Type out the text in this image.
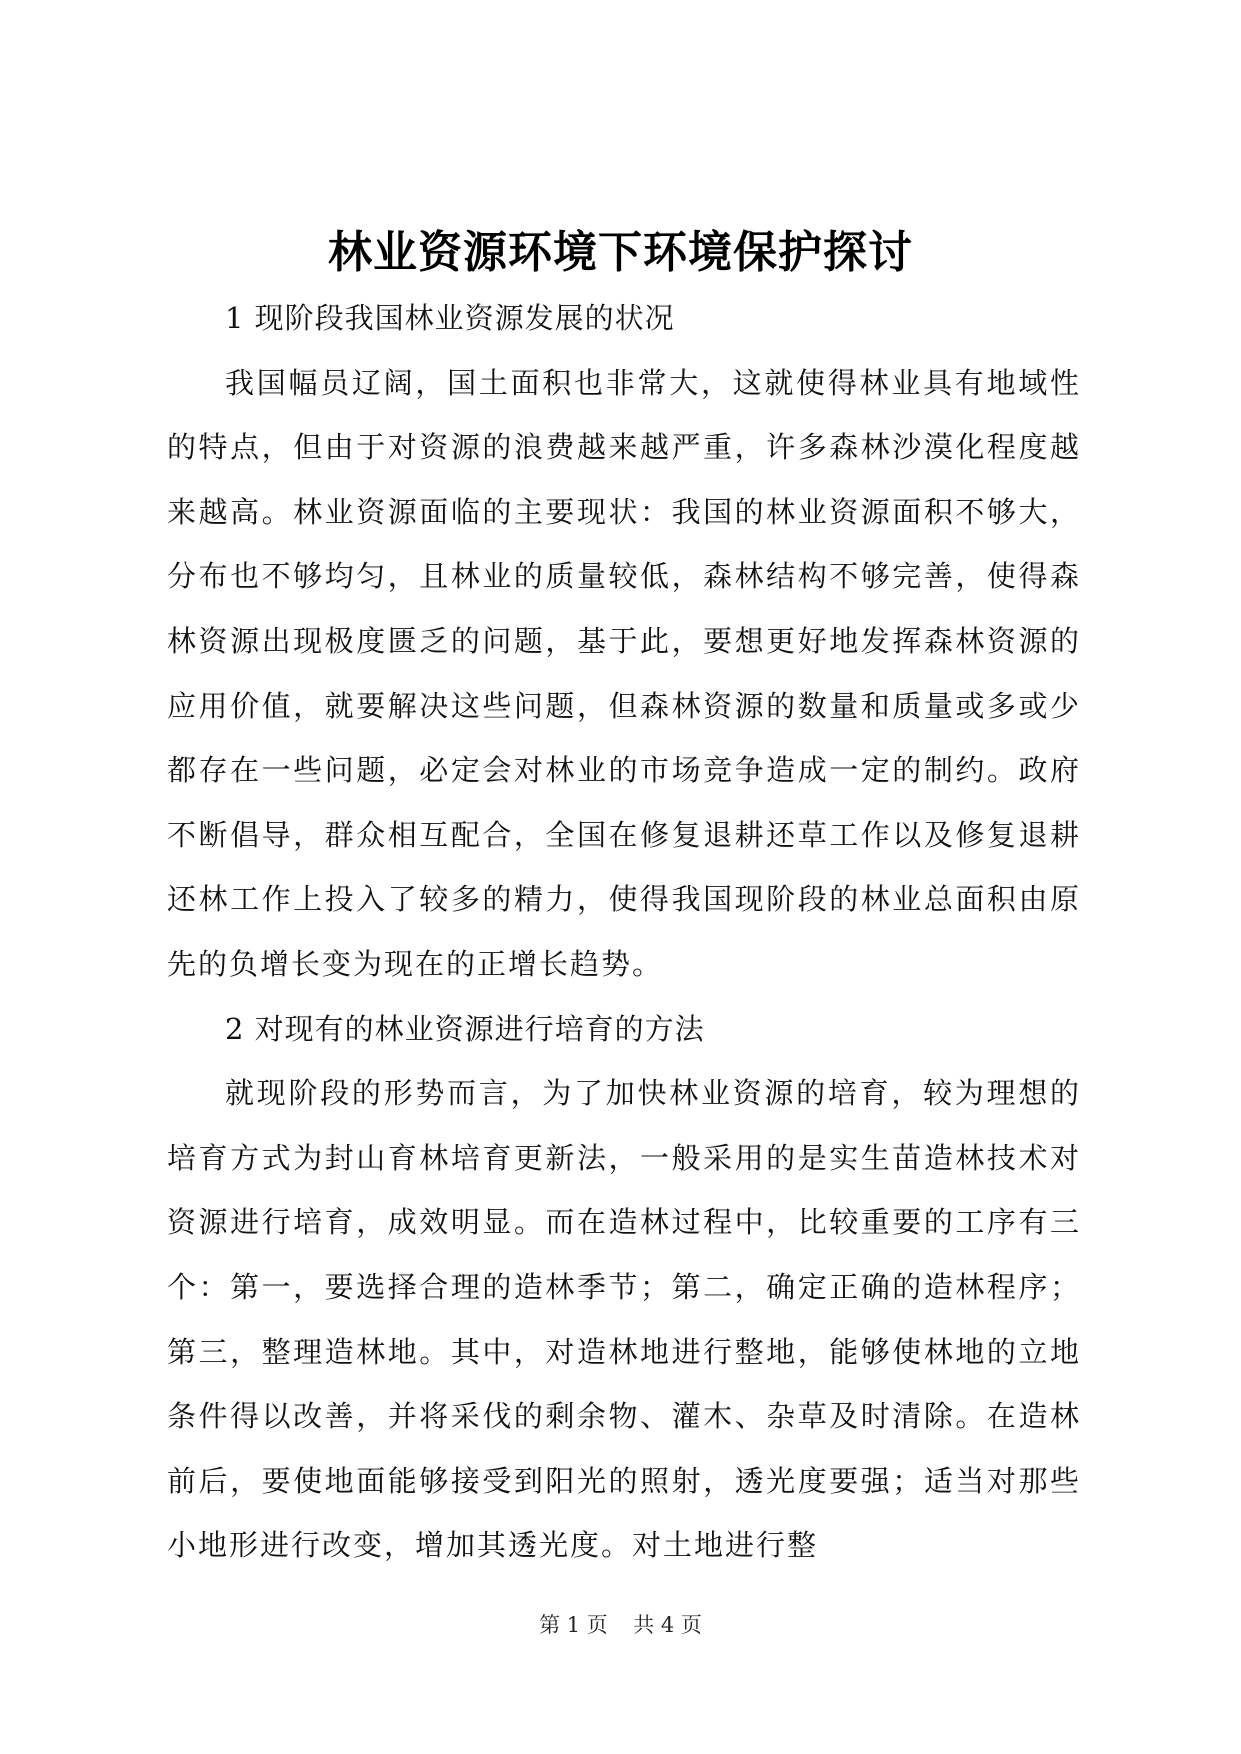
林业资源环境下环境保护探讨

1 现阶段我国林业资源发展的状况

我国幅员辽阔，国土面积也非常大，这就使得林业具有地域性的特点，但由于对资源的浪费越来越严重，许多森林沙漠化程度越来越高。林业资源面临的主要现状：我国的林业资源面积不够大，分布也不够均匀，且林业的质量较低，森林结构不够完善，使得森林资源出现极度匮乏的问题，基于此，要想更好地发挥森林资源的应用价值，就要解决这些问题，但森林资源的数量和质量或多或少都存在一些问题，必定会对林业的市场竞争造成一定的制约。政府不断倡导，群众相互配合，全国在修复退耕还草工作以及修复退耕还林工作上投入了较多的精力，使得我国现阶段的林业总面积由原先的负增长变为现在的正增长趋势。

2 对现有的林业资源进行培育的方法

就现阶段的形势而言，为了加快林业资源的培育，较为理想的培育方式为封山育林培育更新法，一般采用的是实生苗造林技术对资源进行培育，成效明显。而在造林过程中，比较重要的工序有三个：第一，要选择合理的造林季节；第二，确定正确的造林程序；第三，整理造林地。其中，对造林地进行整地，能够使林地的立地条件得以改善，并将采伐的剩余物、灌木、杂草及时清除。在造林前后，要使地面能够接受到阳光的照射，透光度要强；适当对那些小地形进行改变，增加其透光度。对土地进行整

第 1 页 共 4 页
